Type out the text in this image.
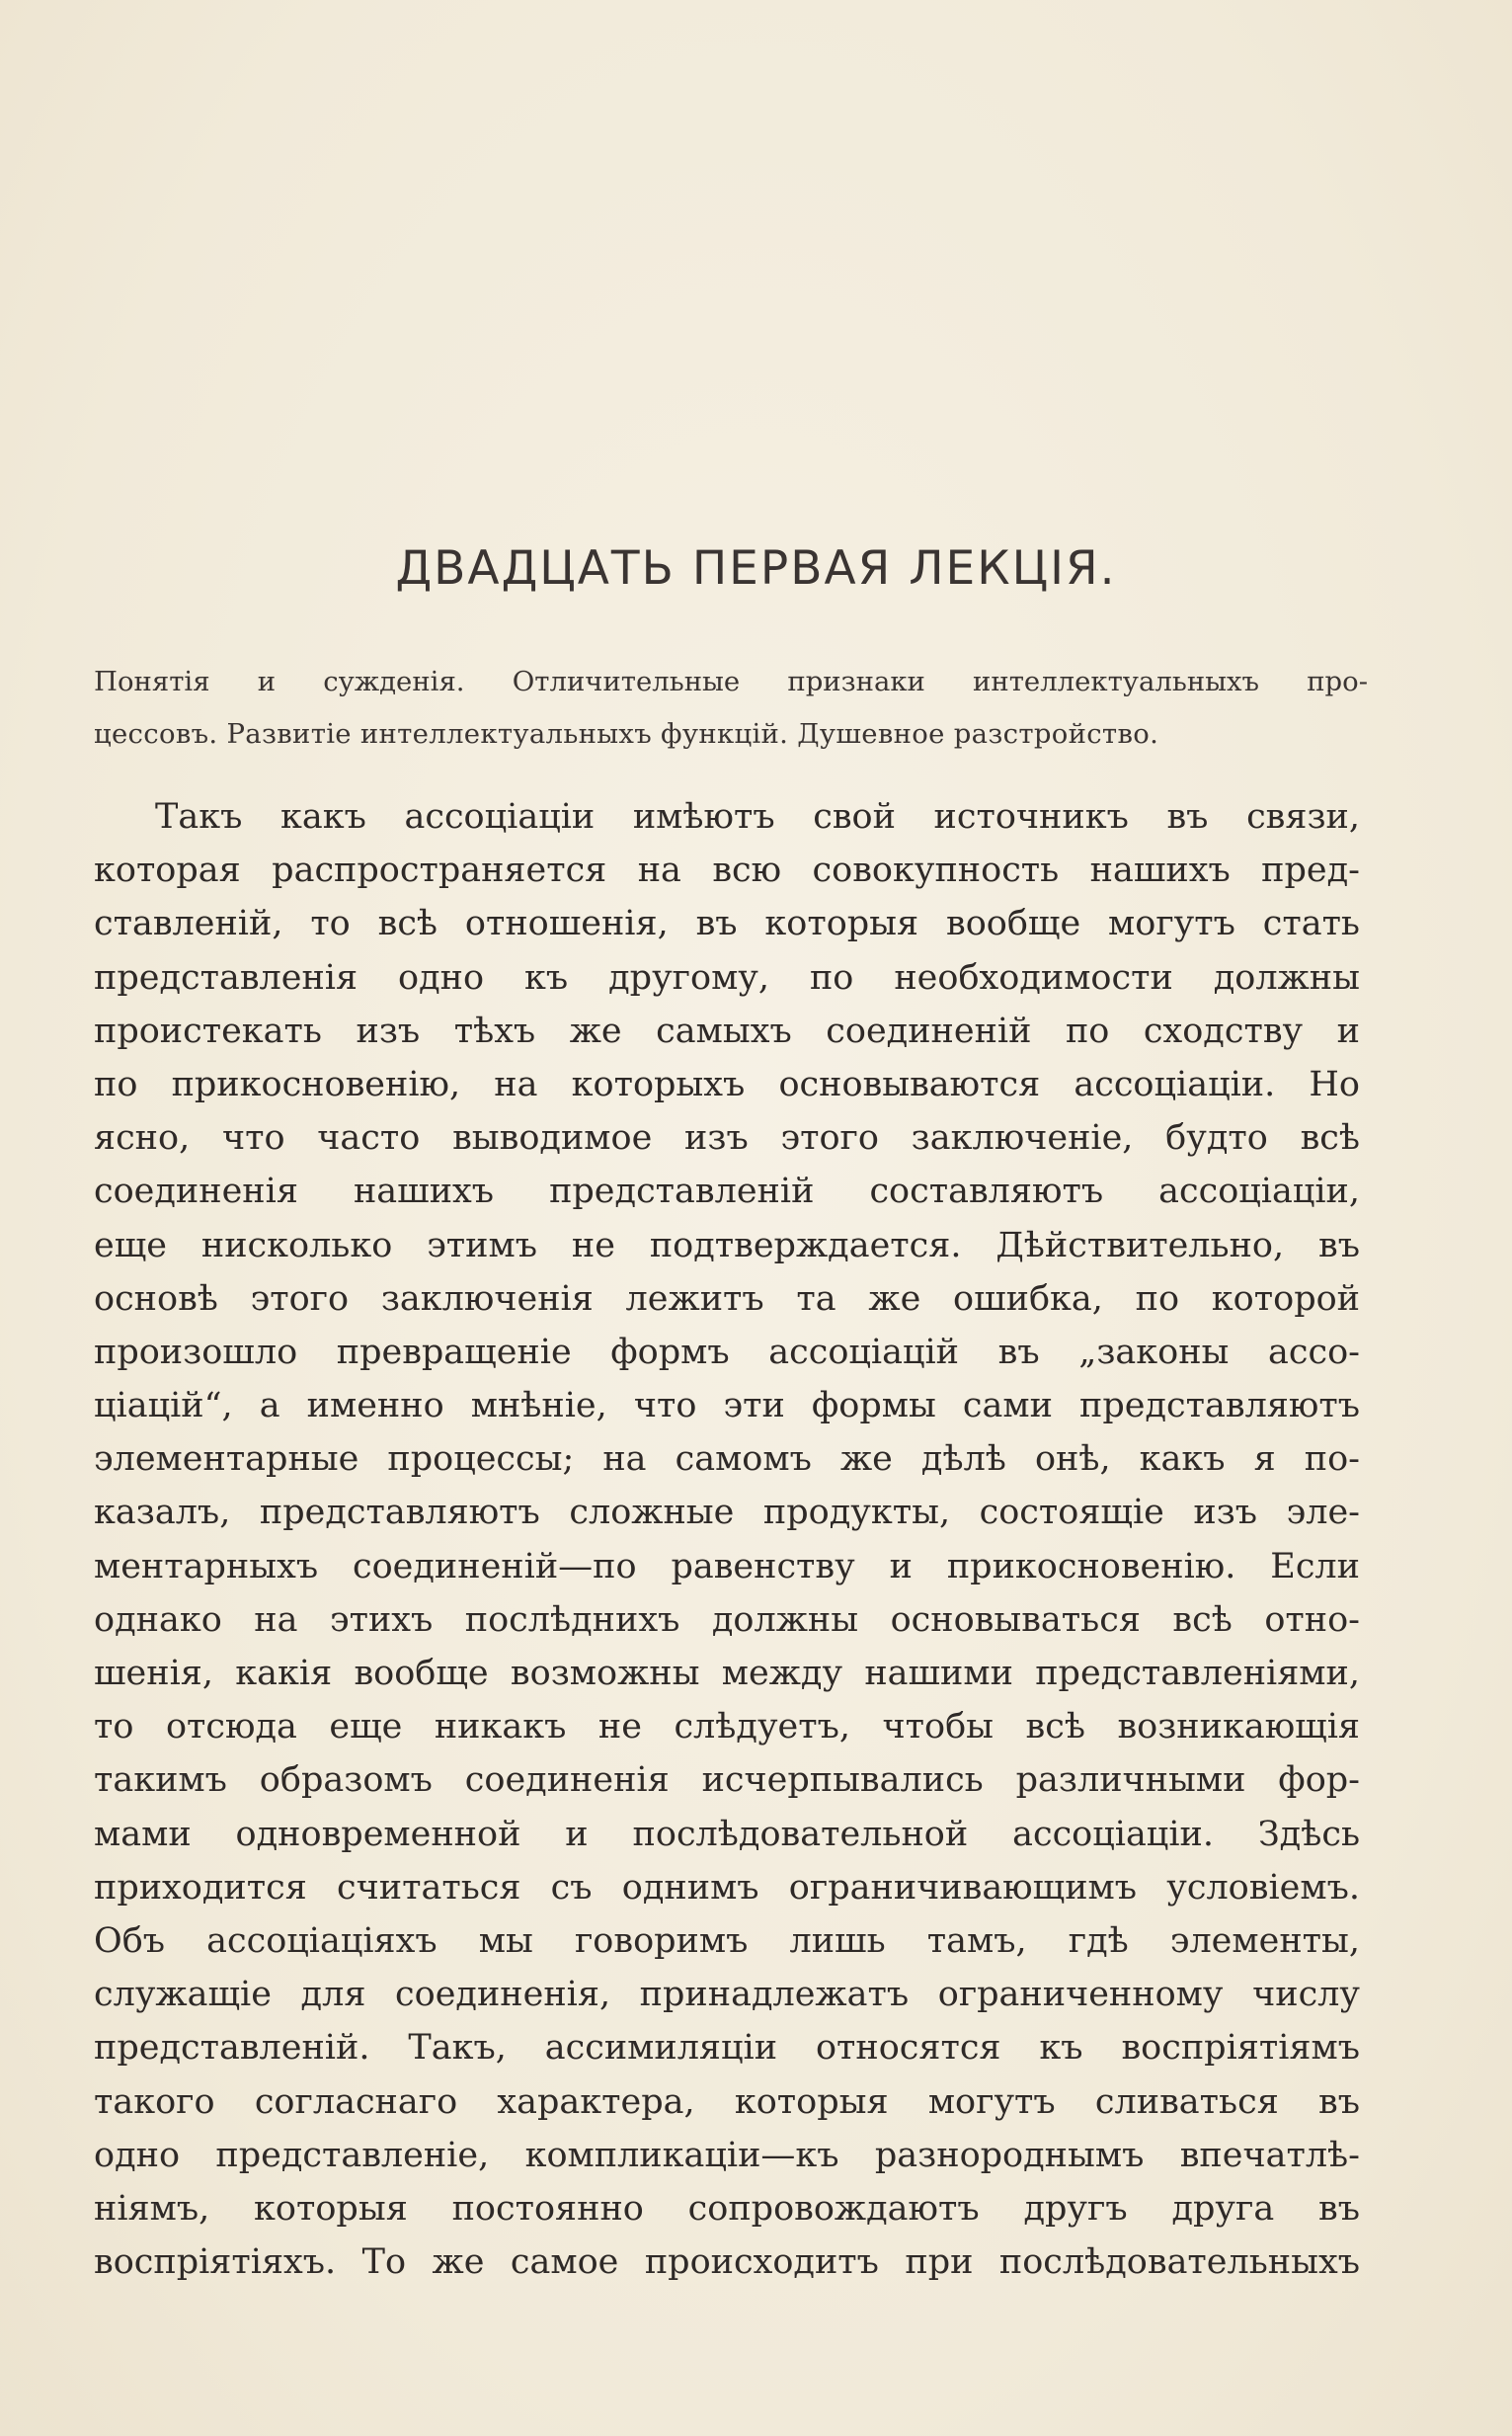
ДВАДЦАТЬ ПЕРВАЯ ЛЕКЦІЯ.
Понятія и сужденія. Отличительные признаки интеллектуальныхъ про-
цессовъ. Развитіе интеллектуальныхъ функцій. Душевное разстройство.
Такъ какъ ассоціаціи имѣютъ свой источникъ въ связи,
которая распространяется на всю совокупность нашихъ пред-
ставленій, то всѣ отношенія, въ которыя вообще могутъ стать
представленія одно къ другому, по необходимости должны
проистекать изъ тѣхъ же самыхъ соединеній по сходству и
по прикосновенію, на которыхъ основываются ассоціаціи. Но
ясно, что часто выводимое изъ этого заключеніе, будто всѣ
соединенія нашихъ представленій составляютъ ассоціаціи,
еще нисколько этимъ не подтверждается. Дѣйствительно, въ
основѣ этого заключенія лежитъ та же ошибка, по которой
произошло превращеніе формъ ассоціацій въ „законы ассо-
ціацій“, а именно мнѣніе, что эти формы сами представляютъ
элементарные процессы; на самомъ же дѣлѣ онѣ, какъ я по-
казалъ, представляютъ сложные продукты, состоящіе изъ эле-
ментарныхъ соединеній—по равенству и прикосновенію. Если
однако на этихъ послѣднихъ должны основываться всѣ отно-
шенія, какія вообще возможны между нашими представленіями,
то отсюда еще никакъ не слѣдуетъ, чтобы всѣ возникающія
такимъ образомъ соединенія исчерпывались различными фор-
мами одновременной и послѣдовательной ассоціаціи. Здѣсь
приходится считаться съ однимъ ограничивающимъ условіемъ.
Объ ассоціаціяхъ мы говоримъ лишь тамъ, гдѣ элементы,
служащіе для соединенія, принадлежатъ ограниченному числу
представленій. Такъ, ассимиляціи относятся къ воспріятіямъ
такого согласнаго характера, которыя могутъ сливаться въ
одно представленіе, компликаціи—къ разнороднымъ впечатлѣ-
ніямъ, которыя постоянно сопровождаютъ другъ друга въ
воспріятіяхъ. То же самое происходитъ при послѣдовательныхъ
